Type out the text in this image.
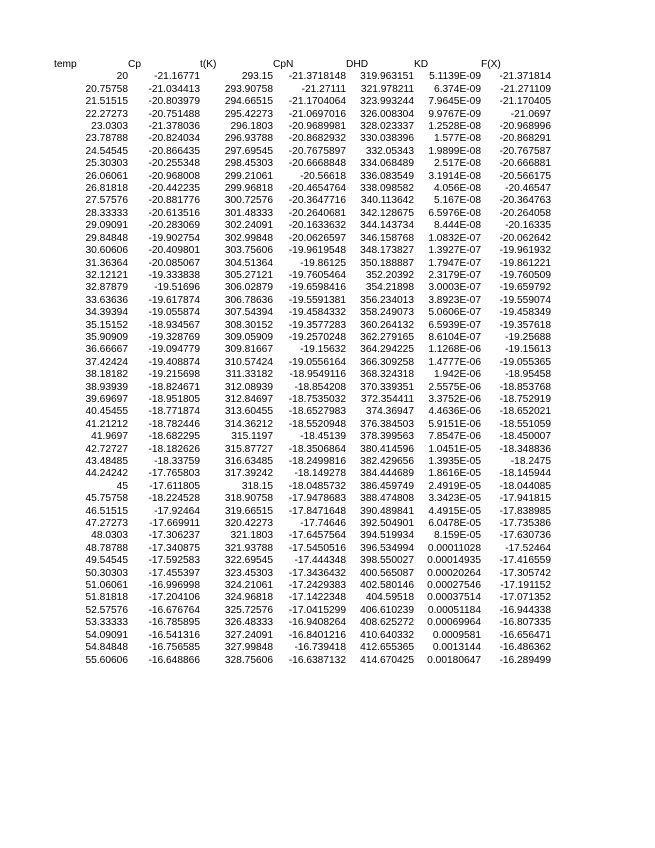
temp	Cp	t(K)	CpN	DHD	KD	F(X)
20	-21.16771	293.15	-21.3718148	319.963151	5.1139E-09	-21.371814
20.75758	-21.034413	293.90758	-21.27111	321.978211	6.374E-09	-21.271109
21.51515	-20.803979	294.66515	-21.1704064	323.993244	7.9645E-09	-21.170405
22.27273	-20.751488	295.42273	-21.0697016	326.008304	9.9767E-09	-21.0697
23.0303	-21.378036	296.1803	-20.9689981	328.023337	1.2528E-08	-20.968996
23.78788	-20.824034	296.93788	-20.8682932	330.038396	1.577E-08	-20.868291
24.54545	-20.866435	297.69545	-20.7675897	332.05343	1.9899E-08	-20.767587
25.30303	-20.255348	298.45303	-20.6668848	334.068489	2.517E-08	-20.666881
26.06061	-20.968008	299.21061	-20.56618	336.083549	3.1914E-08	-20.566175
26.81818	-20.442235	299.96818	-20.4654764	338.098582	4.056E-08	-20.46547
27.57576	-20.881776	300.72576	-20.3647716	340.113642	5.167E-08	-20.364763
28.33333	-20.613516	301.48333	-20.2640681	342.128675	6.5976E-08	-20.264058
29.09091	-20.283069	302.24091	-20.1633632	344.143734	8.444E-08	-20.16335
29.84848	-19.902754	302.99848	-20.0626597	346.158768	1.0832E-07	-20.062642
30.60606	-20.409801	303.75606	-19.9619548	348.173827	1.3927E-07	-19.961932
31.36364	-20.085067	304.51364	-19.86125	350.188887	1.7947E-07	-19.861221
32.12121	-19.333838	305.27121	-19.7605464	352.20392	2.3179E-07	-19.760509
32.87879	-19.51696	306.02879	-19.6598416	354.21898	3.0003E-07	-19.659792
33.63636	-19.617874	306.78636	-19.5591381	356.234013	3.8923E-07	-19.559074
34.39394	-19.055874	307.54394	-19.4584332	358.249073	5.0606E-07	-19.458349
35.15152	-18.934567	308.30152	-19.3577283	360.264132	6.5939E-07	-19.357618
35.90909	-19.328769	309.05909	-19.2570248	362.279165	8.6104E-07	-19.25688
36.66667	-19.094779	309.81667	-19.15632	364.294225	1.1268E-06	-19.15613
37.42424	-19.408874	310.57424	-19.0556164	366.309258	1.4777E-06	-19.055365
38.18182	-19.215698	311.33182	-18.9549116	368.324318	1.942E-06	-18.95458
38.93939	-18.824671	312.08939	-18.854208	370.339351	2.5575E-06	-18.853768
39.69697	-18.951805	312.84697	-18.7535032	372.354411	3.3752E-06	-18.752919
40.45455	-18.771874	313.60455	-18.6527983	374.36947	4.4636E-06	-18.652021
41.21212	-18.782446	314.36212	-18.5520948	376.384503	5.9151E-06	-18.551059
41.9697	-18.682295	315.1197	-18.45139	378.399563	7.8547E-06	-18.450007
42.72727	-18.182626	315.87727	-18.3506864	380.414596	1.0451E-05	-18.348836
43.48485	-18.33759	316.63485	-18.2499816	382.429656	1.3935E-05	-18.2475
44.24242	-17.765803	317.39242	-18.149278	384.444689	1.8616E-05	-18.145944
45	-17.611805	318.15	-18.0485732	386.459749	2.4919E-05	-18.044085
45.75758	-18.224528	318.90758	-17.9478683	388.474808	3.3423E-05	-17.941815
46.51515	-17.92464	319.66515	-17.8471648	390.489841	4.4915E-05	-17.838985
47.27273	-17.669911	320.42273	-17.74646	392.504901	6.0478E-05	-17.735386
48.0303	-17.306237	321.1803	-17.6457564	394.519934	8.159E-05	-17.630736
48.78788	-17.340875	321.93788	-17.5450516	396.534994	0.00011028	-17.52464
49.54545	-17.592583	322.69545	-17.444348	398.550027	0.00014935	-17.416559
50.30303	-17.455397	323.45303	-17.3436432	400.565087	0.00020264	-17.305742
51.06061	-16.996998	324.21061	-17.2429383	402.580146	0.00027546	-17.191152
51.81818	-17.204106	324.96818	-17.1422348	404.59518	0.00037514	-17.071352
52.57576	-16.676764	325.72576	-17.0415299	406.610239	0.00051184	-16.944338
53.33333	-16.785895	326.48333	-16.9408264	408.625272	0.00069964	-16.807335
54.09091	-16.541316	327.24091	-16.8401216	410.640332	0.0009581	-16.656471
54.84848	-16.756585	327.99848	-16.739418	412.655365	0.0013144	-16.486362
55.60606	-16.648866	328.75606	-16.6387132	414.670425	0.00180647	-16.289499
